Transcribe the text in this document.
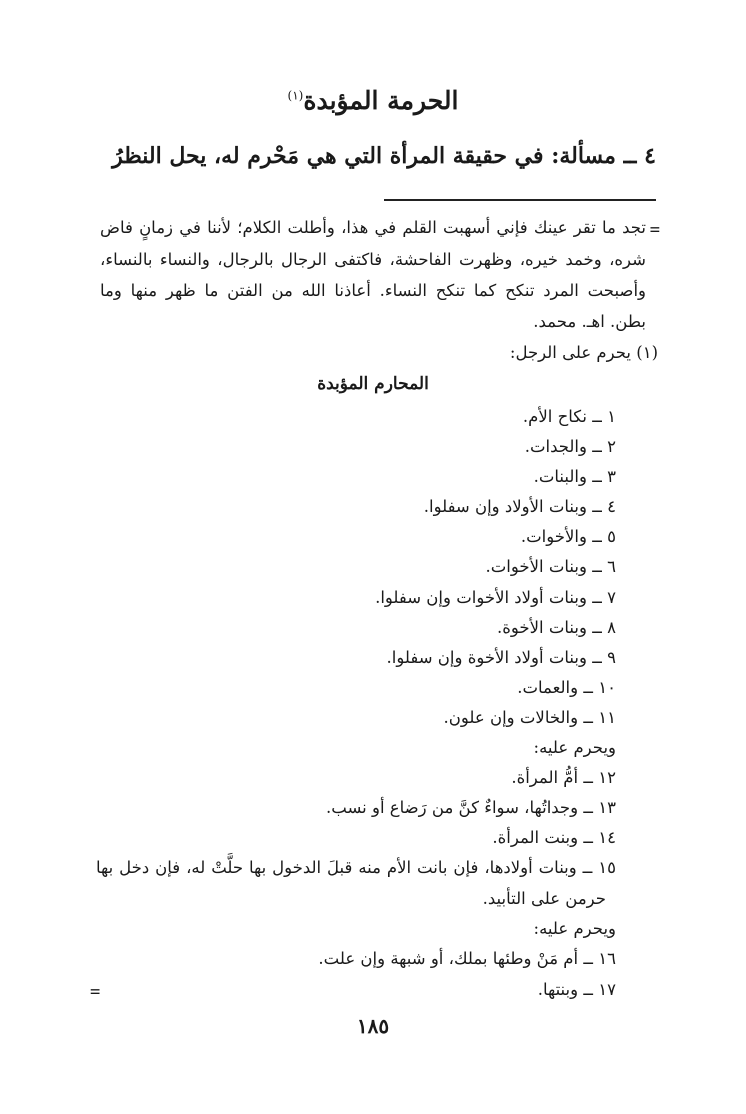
الحرمة المؤبدة$^{(١)}$
٤ ــ مسألة: في حقيقة المرأة التي هي مَحْرم له، يحل النظرُ
=
تجد ما تقر عينك فإني أسهبت القلم في هذا، وأطلت الكلام؛ لأننا في زمانٍ فاض
شره، وخمد خيره، وظهرت الفاحشة، فاكتفى الرجال بالرجال، والنساء بالنساء،
وأصبحت المرد تنكح كما تنكح النساء. أعاذنا الله من الفتن ما ظهر منها وما
بطن. اهـ. محمد.
(١) يحرم على الرجل:
المحارم المؤبدة
١ ــ نكاح الأم.
٢ ــ والجدات.
٣ ــ والبنات.
٤ ــ وبنات الأولاد وإن سفلوا.
٥ ــ والأخوات.
٦ ــ وبنات الأخوات.
٧ ــ وبنات أولاد الأخوات وإن سفلوا.
٨ ــ وبنات الأخوة.
٩ ــ وبنات أولاد الأخوة وإن سفلوا.
١٠ ــ والعمات.
١١ ــ والخالات وإن علون.
ويحرم عليه:
١٢ ــ أمُّ المرأة.
١٣ ــ وجداتُها، سواءٌ كنَّ من رَضاع أو نسب.
١٤ ــ وبنت المرأة.
١٥ ــ وبنات أولادها، فإن بانت الأم منه قبلَ الدخول بها حلَّتْ له، فإن دخل بها
حرمن على التأبيد.
ويحرم عليه:
١٦ ــ أم مَنْ وطئها بملك، أو شبهة وإن علت.
١٧ ــ وبنتها.
=
١٨٥
